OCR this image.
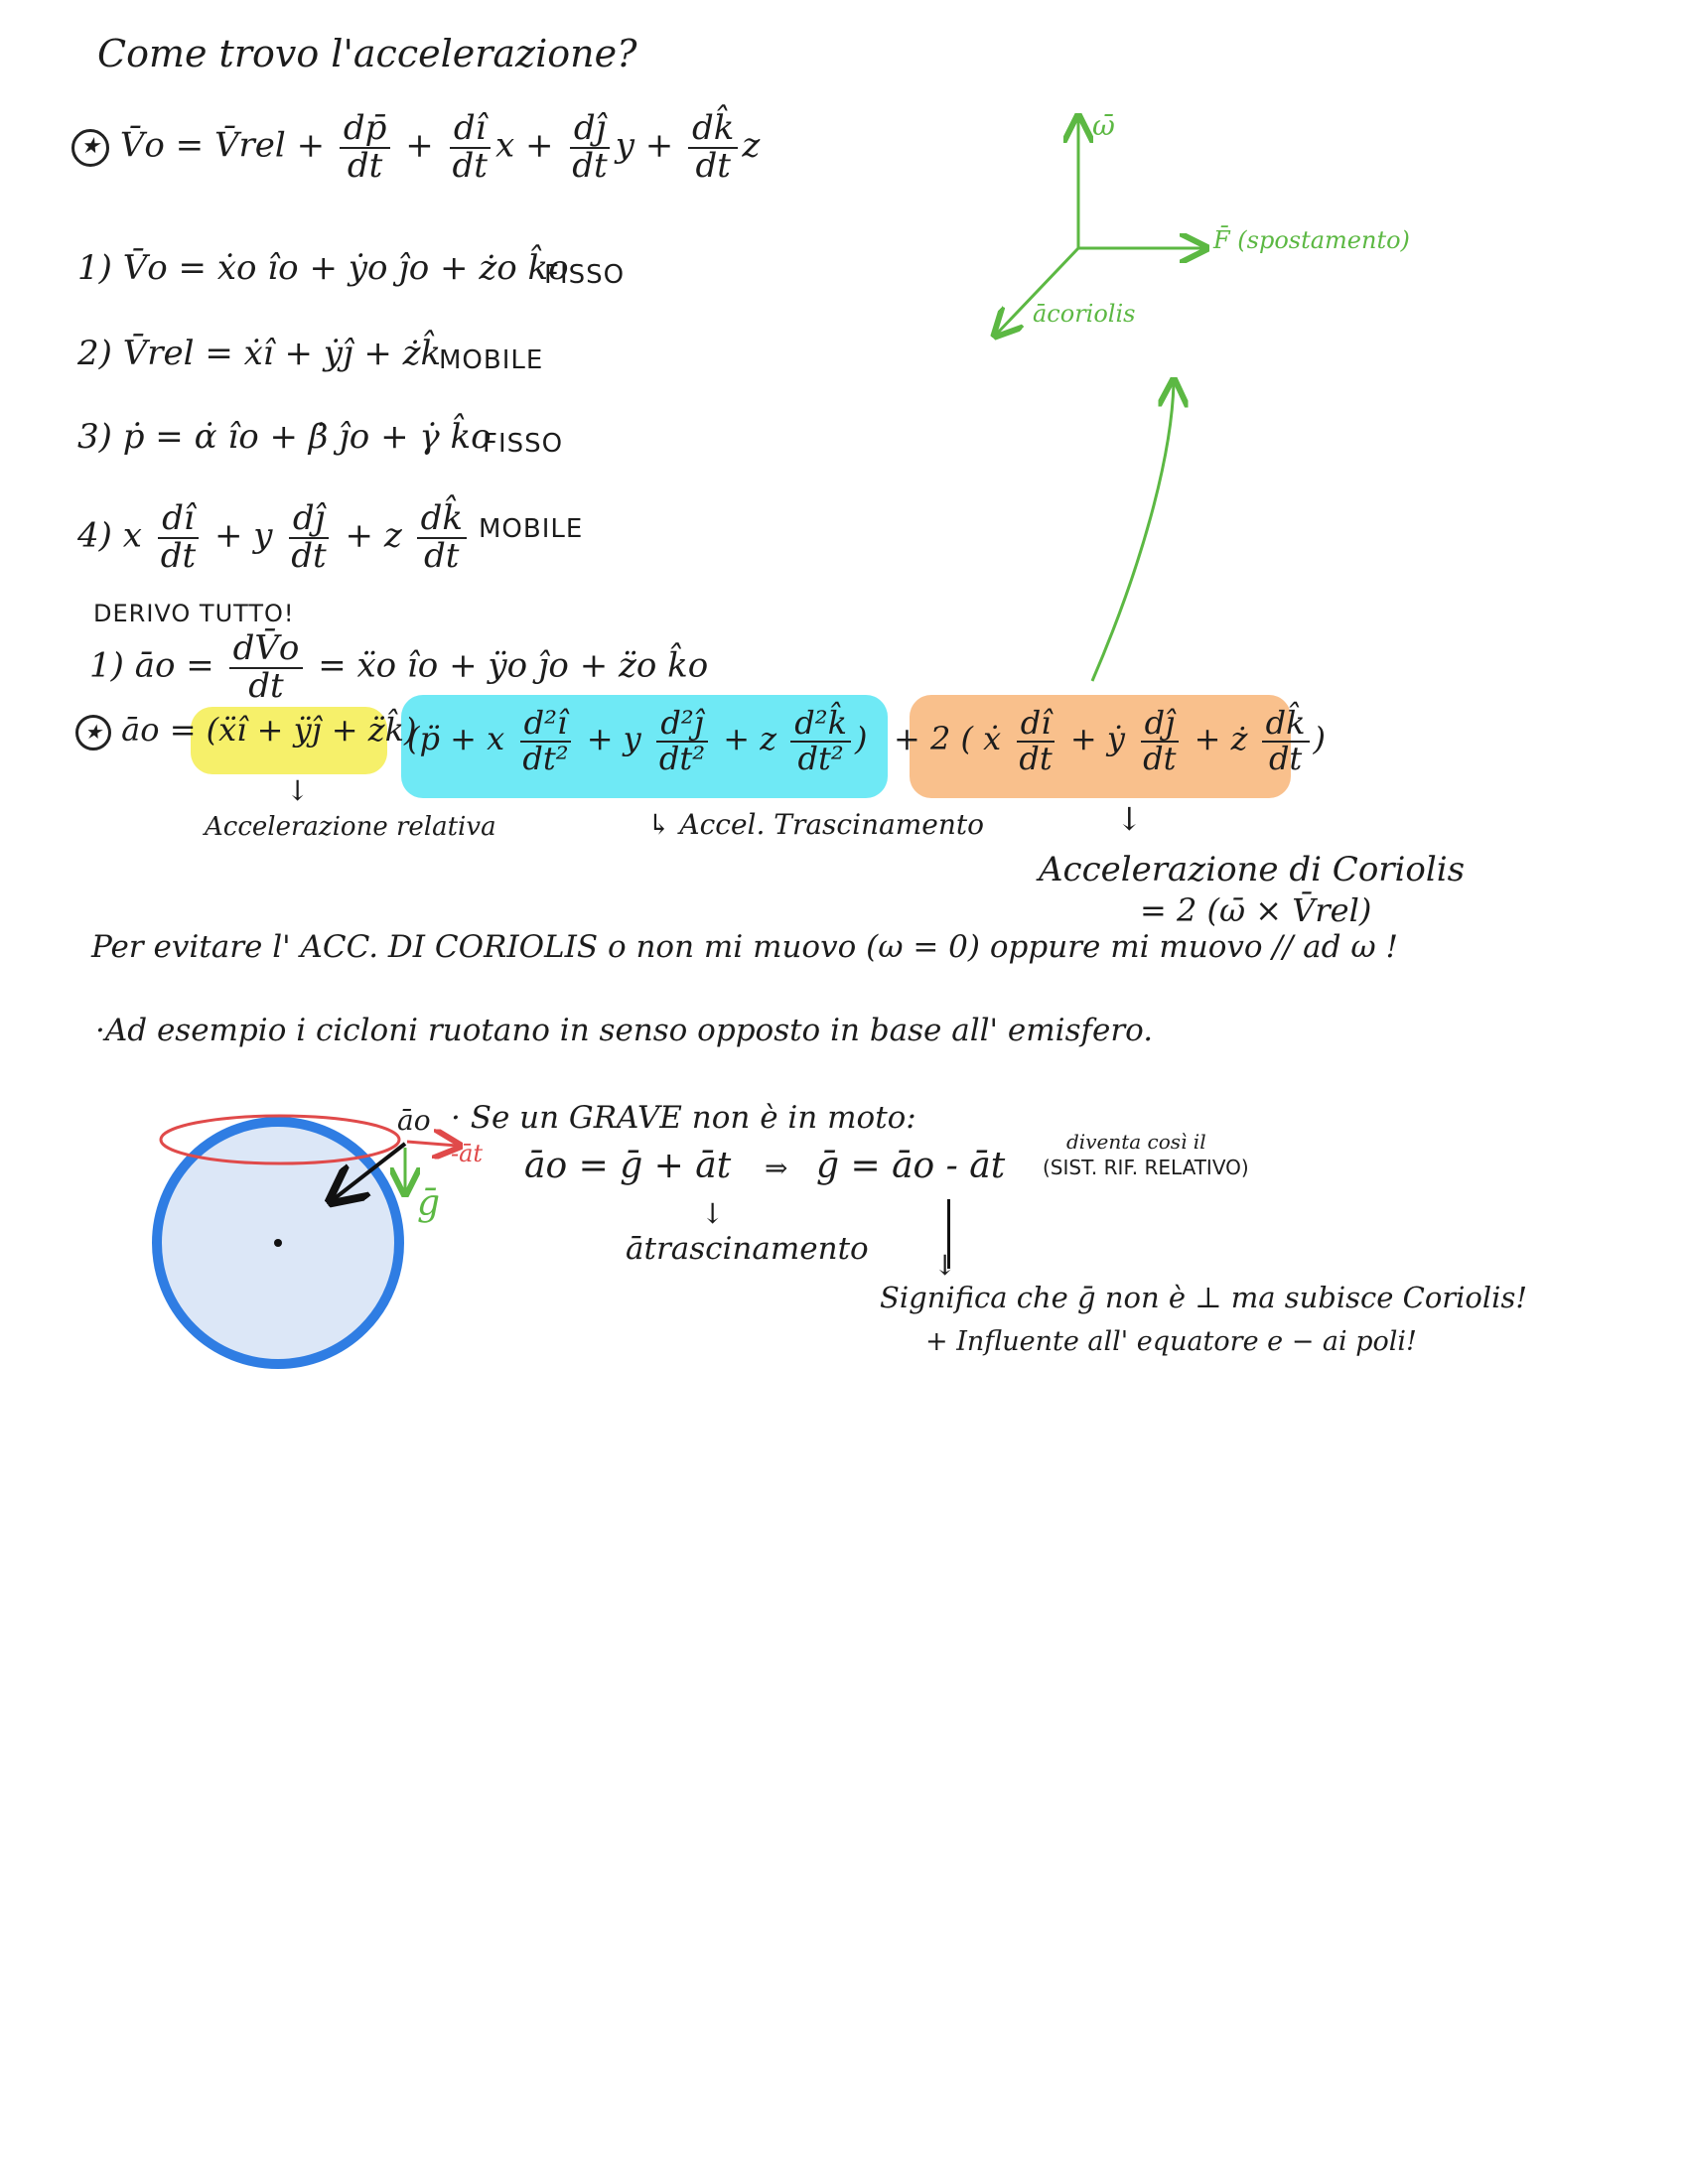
Come trovo l'accelerazione?
★ V̄o = V̄rel + $\frac{dp̄}{dt} + \frac{dî}{dt}$ $x + \frac{dĵ}{dt}$ $y + \frac{dk̂}{dt}$ z
1) V̄o = ẋo îo + ẏo ĵo + żo k̂o
FISSO
2) V̄rel = ẋî + ẏĵ + żk̂
MOBILE
3) ṗ = α̇ îo + β̇ ĵo + γ̇ k̂o
FISSO
4) x $\frac{dî}{dt} + y \frac{dĵ}{dt} + z \frac{dk̂}{dt}$ MOBILE
DERIVO TUTTO!
1) āo = $\frac{dV̄o}{dt}$ = ẍo îo + ÿo ĵo + z̈o k̂o
★ āo = (ẍî + ÿĵ + z̈k̂)
(p̈ + x $\frac{\text{d²î}}{\text{dt²}} + y \frac{\text{d²ĵ}}{\text{dt²}} + z \frac{\text{d²k̂}}{\text{dt²}}$ ) + 2 ( ẋ $\frac{dî}{dt}$ + ẏ $\frac{dĵ}{dt}$ + ż $\frac{dk̂}{dt}$ )
↓
Accelerazione relativa	↳ Accel. Trascinamento	↓
Accelerazione di Coriolis
= 2 (ω̄ × V̄rel)
ω̄
F̄ (spostamento)
ācoriolis
Per evitare l' ACC. DI CORIOLIS o non mi muovo (ω = 0) oppure mi muovo // ad ω !
·Ad esempio i cicloni ruotano in senso opposto in base all' emisfero.
āo
-āt
ḡ
· Se un GRAVE non è in moto:
āo = ḡ + āt ⇒ ḡ = āo - āt
diventa così il
(SIST. RIF. RELATIVO)
↓
ātrascinamento ↓
Significa che ḡ non è ⊥ ma subisce Coriolis!
+ Influente all' equatore e − ai poli!
